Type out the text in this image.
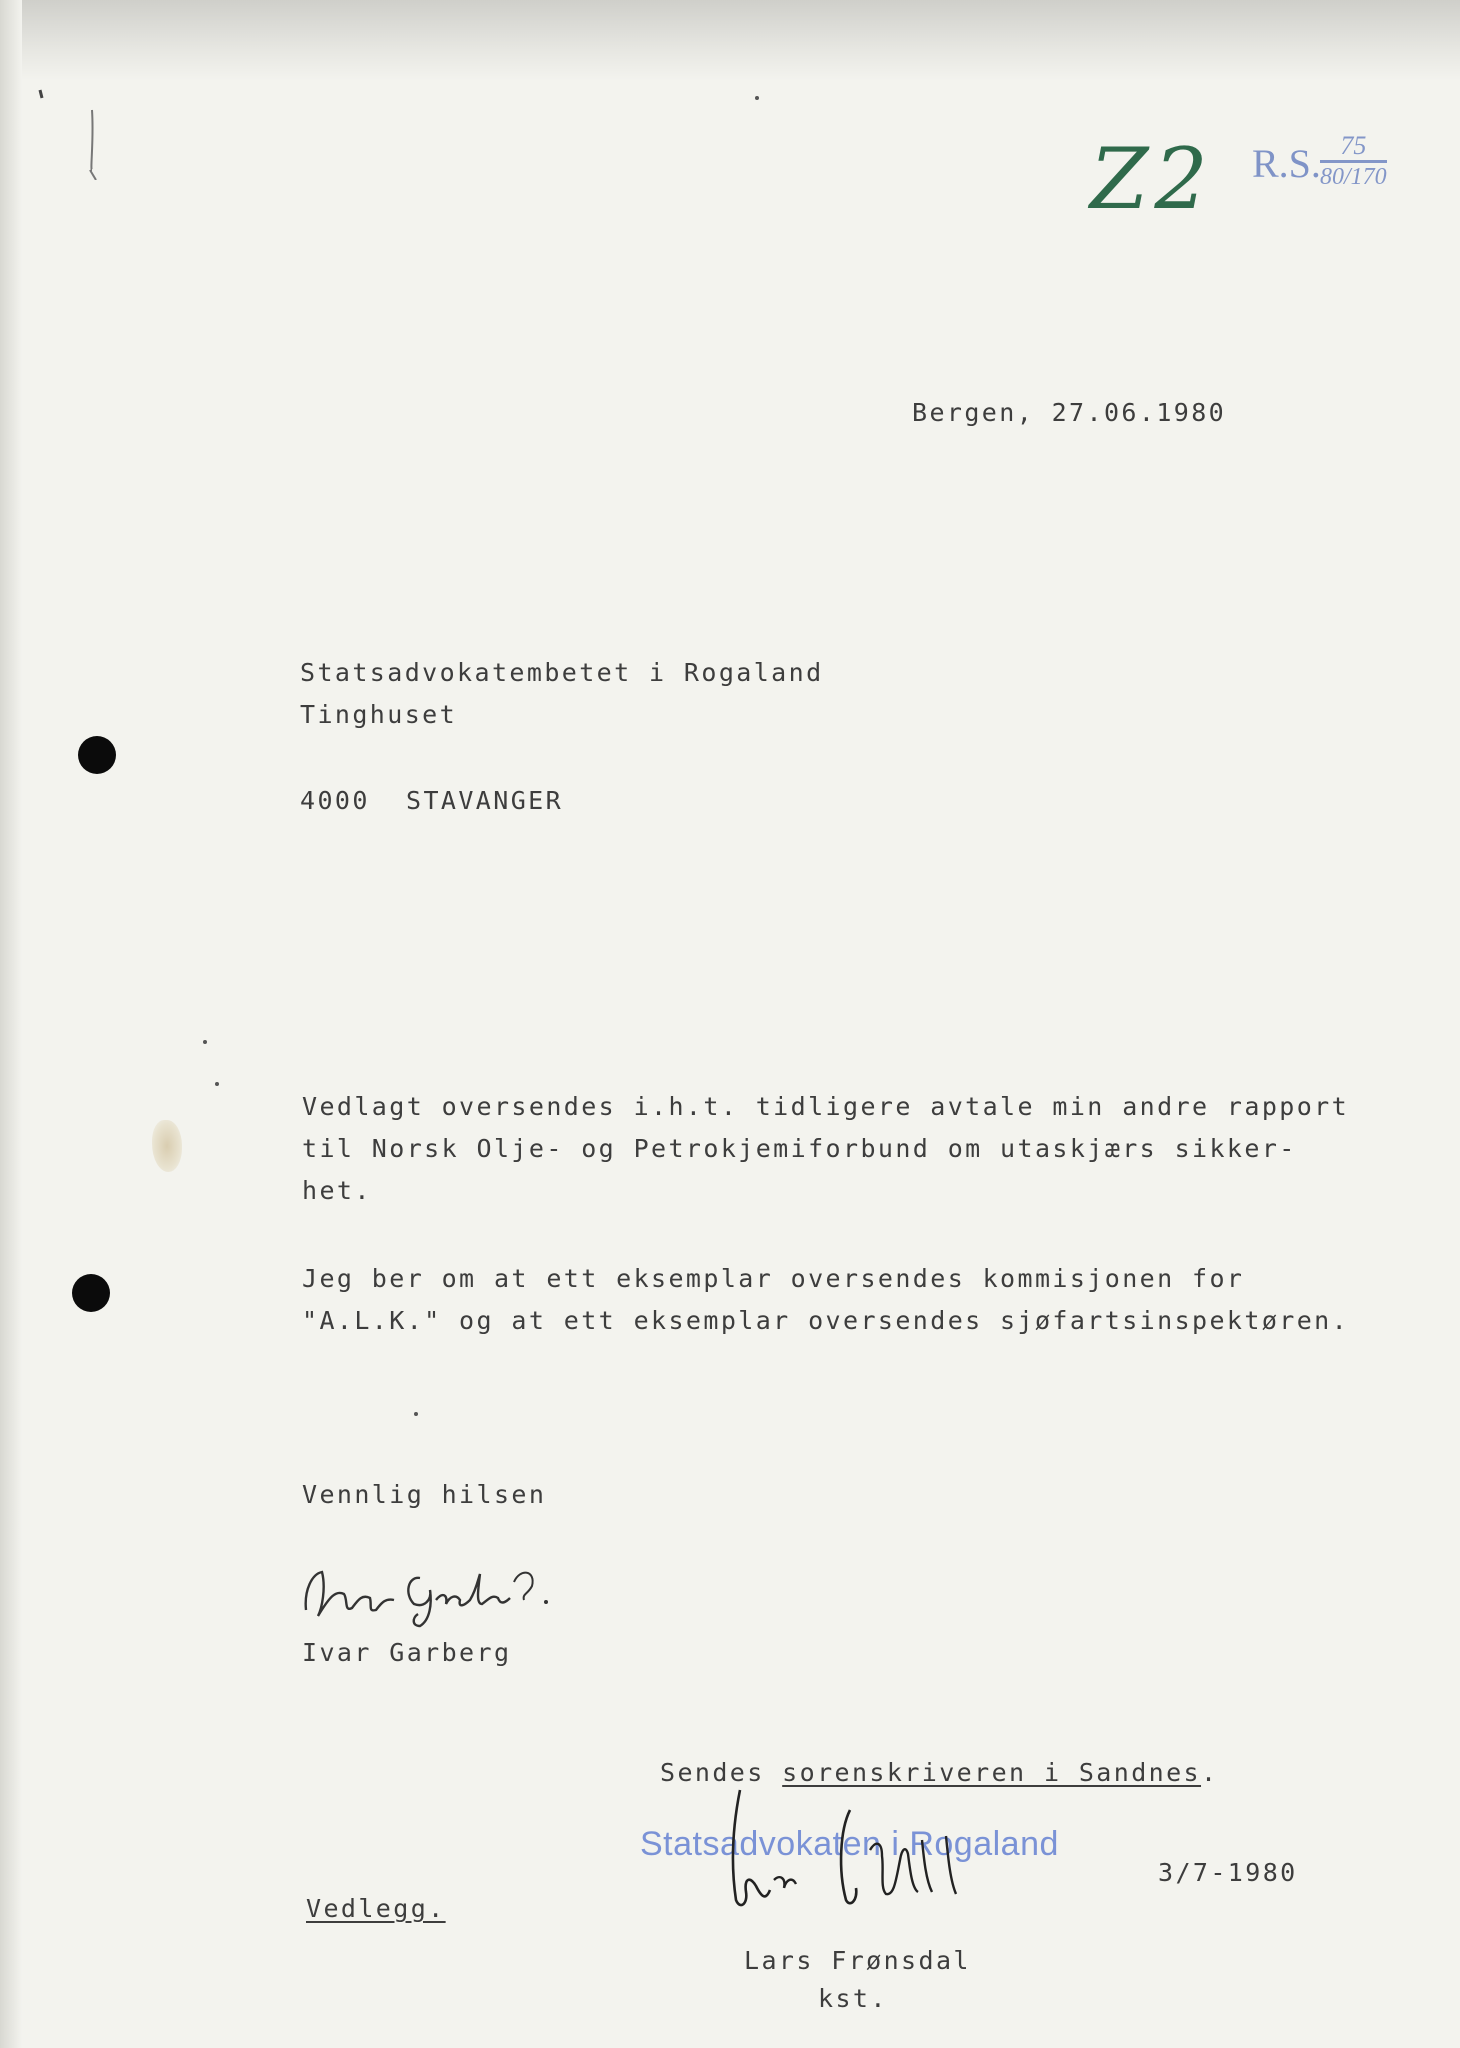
Z2 R.S. $\frac{75}{80/170}$
Bergen, 27.06.1980
Statsadvokatembetet i Rogaland
Tinghuset
4000 STAVANGER
Vedlagt oversendes i.h.t. tidligere avtale min andre rapport
til Norsk Olje- og Petrokjemiforbund om utaskjærs sikker-
het.
Jeg ber om at ett eksemplar oversendes kommisjonen for
"A.L.K." og at ett eksemplar oversendes sjøfartsinspektøren.
Vennlig hilsen
Ivar Garberg
Sendes sorenskriveren i Sandnes.
Statsadvokaten i Rogaland
3/7-1980
Vedlegg.
Lars Frønsdal
kst.
